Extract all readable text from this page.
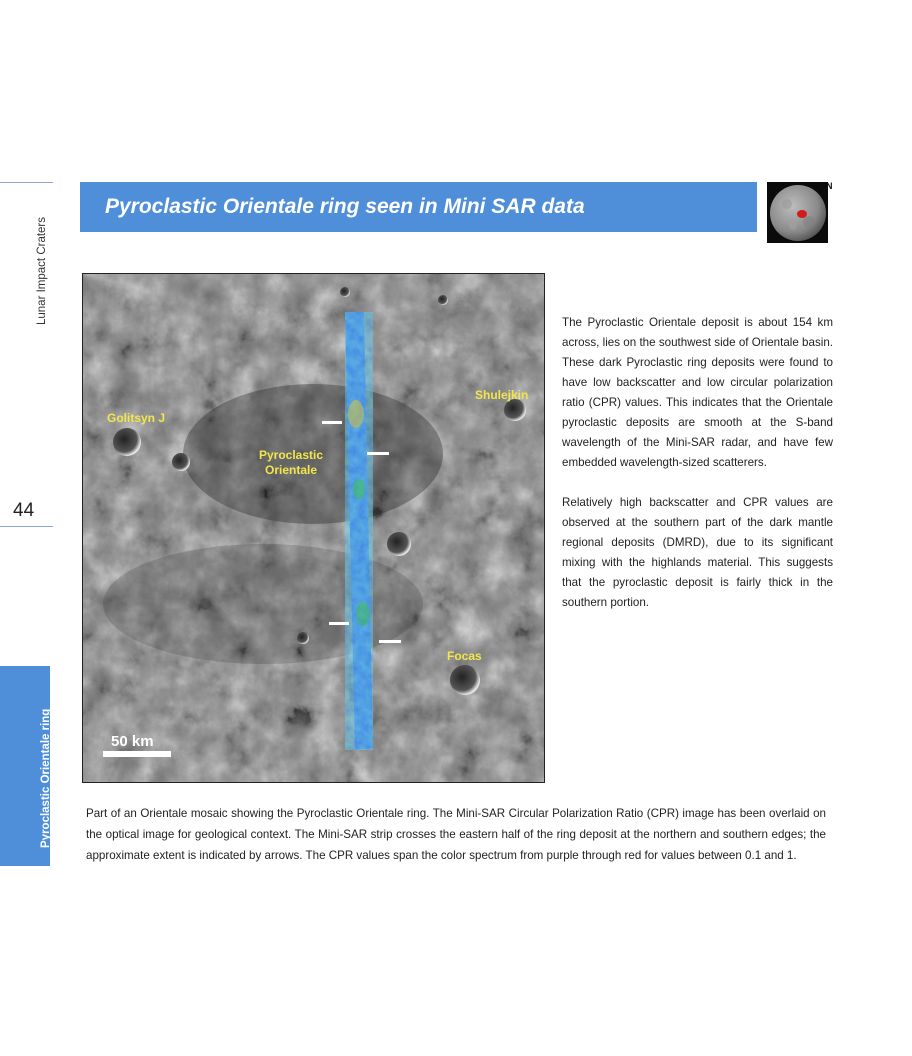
Lunar Impact Craters
44
Pyroclastic Orientale ring
Pyroclastic Orientale ring seen in Mini SAR data
N
Golitsyn J
Shulejkin
Pyroclastic
Orientale
Focas
50 km

The Pyroclastic Orientale deposit is about 154 km across, lies on the southwest side of Orientale basin. These dark Pyroclastic ring deposits were found to have low backscatter and low circular polarization ratio (CPR) values. This indicates that the Orientale pyroclastic deposits are smooth at the S-band wavelength of the Mini-SAR radar, and have few embedded wavelength-sized scatterers.

Relatively high backscatter and CPR values are observed at the southern part of the dark mantle regional deposits (DMRD), due to its significant mixing with the highlands material. This suggests that the pyroclastic deposit is fairly thick in the southern portion.

Part of an Orientale mosaic showing the Pyroclastic Orientale ring. The Mini-SAR Circular Polarization Ratio (CPR) image has been overlaid on the optical image for geological context. The Mini-SAR strip crosses the eastern half of the ring deposit at the northern and southern edges; the approximate extent is indicated by arrows. The CPR values span the color spectrum from purple through red for values between 0.1 and 1.
